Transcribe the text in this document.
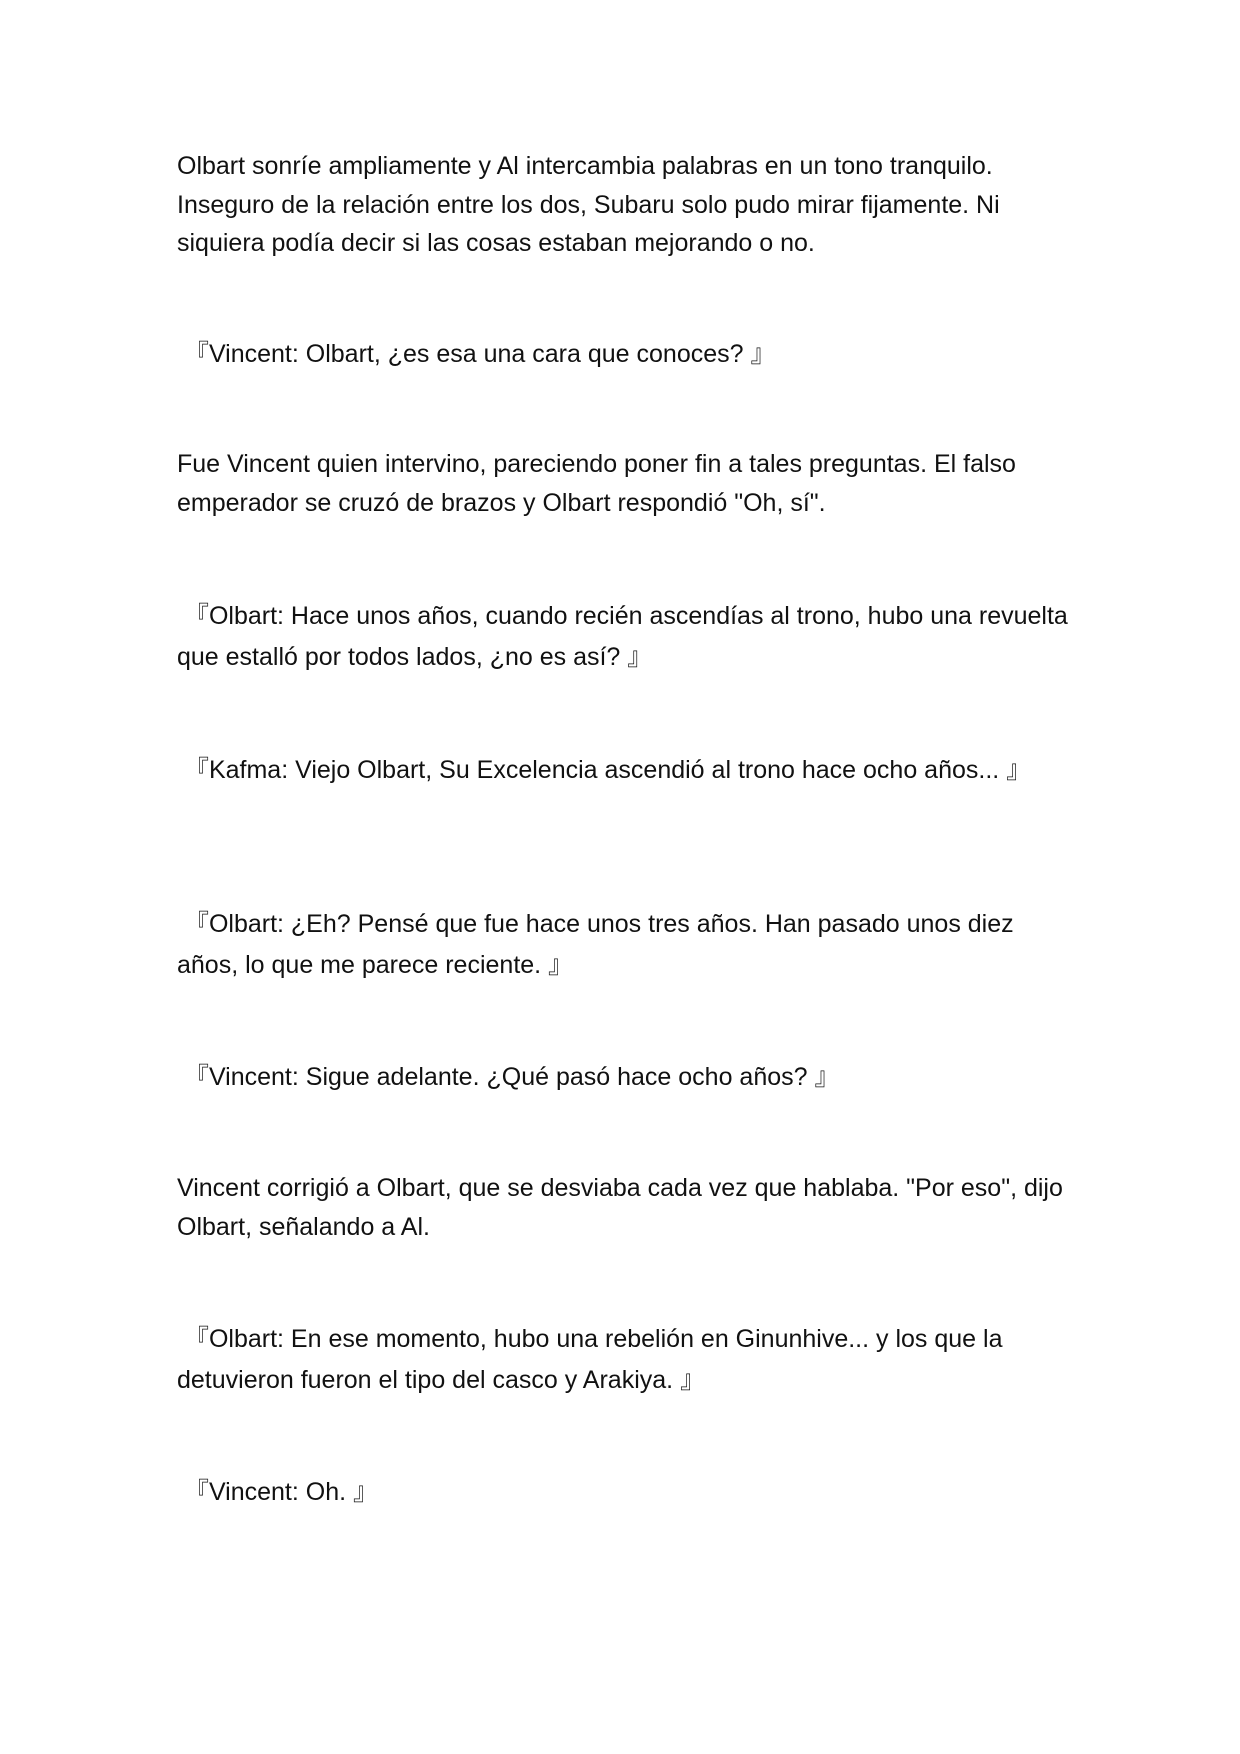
Olbart sonríe ampliamente y Al intercambia palabras en un tono tranquilo. Inseguro de la relación entre los dos, Subaru solo pudo mirar fijamente. Ni siquiera podía decir si las cosas estaban mejorando o no.

『Vincent: Olbart, ¿es esa una cara que conoces? 』

Fue Vincent quien intervino, pareciendo poner fin a tales preguntas. El falso emperador se cruzó de brazos y Olbart respondió "Oh, sí".

『Olbart: Hace unos años, cuando recién ascendías al trono, hubo una revuelta que estalló por todos lados, ¿no es así? 』

『Kafma: Viejo Olbart, Su Excelencia ascendió al trono hace ocho años... 』

『Olbart: ¿Eh? Pensé que fue hace unos tres años. Han pasado unos diez años, lo que me parece reciente. 』

『Vincent: Sigue adelante. ¿Qué pasó hace ocho años? 』

Vincent corrigió a Olbart, que se desviaba cada vez que hablaba. "Por eso", dijo Olbart, señalando a Al.

『Olbart: En ese momento, hubo una rebelión en Ginunhive... y los que la detuvieron fueron el tipo del casco y Arakiya. 』

『Vincent: Oh. 』
